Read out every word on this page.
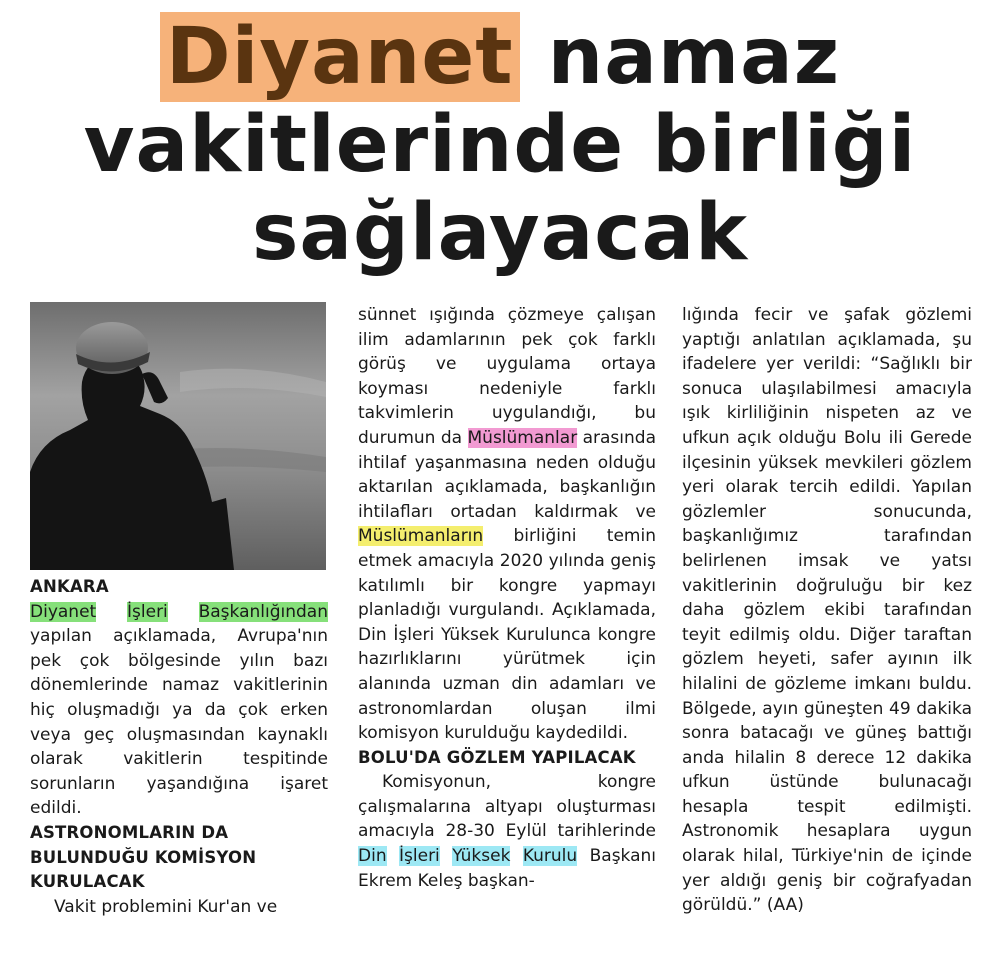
Diyanet namaz
vakitlerinde birliği
sağlayacak

ANKARA

Diyanet İşleri Başkanlığından yapılan açıklamada, Avrupa'nın pek çok bölgesinde yılın bazı dönemlerinde namaz vakitlerinin hiç oluşmadığı ya da çok erken veya geç oluşmasından kaynaklı olarak vakitlerin tespitinde sorunların yaşandığına işaret edildi.

ASTRONOMLARIN DA BULUNDUĞU KOMİSYON KURULACAK

Vakit problemini Kur'an ve

sünnet ışığında çözmeye çalışan ilim adamlarının pek çok farklı görüş ve uygulama ortaya koyması nedeniyle farklı takvimlerin uygulandığı, bu durumun da Müslümanlar arasında ihtilaf yaşanmasına neden olduğu aktarılan açıklamada, başkanlığın ihtilafları ortadan kaldırmak ve Müslümanların birliğini temin etmek amacıyla 2020 yılında geniş katılımlı bir kongre yapmayı planladığı vurgulandı. Açıklamada, Din İşleri Yüksek Kurulunca kongre hazırlıklarını yürütmek için alanında uzman din adamları ve astronomlardan oluşan ilmi komisyon kurulduğu kaydedildi.

BOLU'DA GÖZLEM YAPILACAK

Komisyonun, kongre çalışmalarına altyapı oluşturması amacıyla 28-30 Eylül tarihlerinde Din İşleri Yüksek Kurulu Başkanı Ekrem Keleş başkan-

lığında fecir ve şafak gözlemi yaptığı anlatılan açıklamada, şu ifadelere yer verildi: “Sağlıklı bir sonuca ulaşılabilmesi amacıyla ışık kirliliğinin nispeten az ve ufkun açık olduğu Bolu ili Gerede ilçesinin yüksek mevkileri gözlem yeri olarak tercih edildi. Yapılan gözlemler sonucunda, başkanlığımız tarafından belirlenen imsak ve yatsı vakitlerinin doğruluğu bir kez daha gözlem ekibi tarafından teyit edilmiş oldu. Diğer taraftan gözlem heyeti, safer ayının ilk hilalini de gözleme imkanı buldu. Bölgede, ayın güneşten 49 dakika sonra batacağı ve güneş battığı anda hilalin 8 derece 12 dakika ufkun üstünde bulunacağı hesapla tespit edilmişti. Astronomik hesaplara uygun olarak hilal, Türkiye'nin de içinde yer aldığı geniş bir coğrafyadan görüldü.” (AA)
